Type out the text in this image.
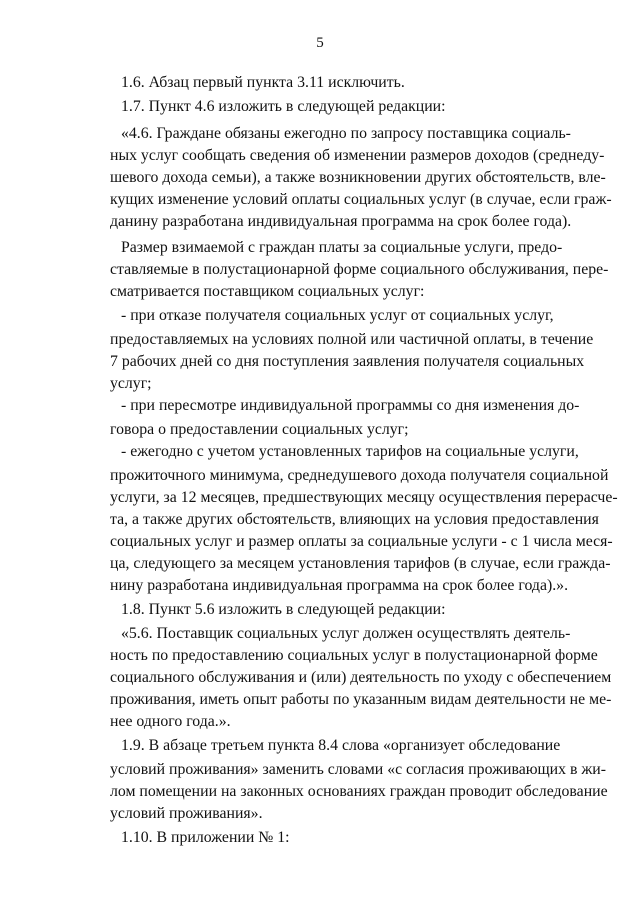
5
1.6. Абзац первый пункта 3.11 исключить.
1.7. Пункт 4.6 изложить в следующей редакции:
«4.6. Граждане обязаны ежегодно по запросу поставщика социаль-
ных услуг сообщать сведения об изменении размеров доходов (среднеду-
шевого дохода семьи), а также возникновении других обстоятельств, вле-
кущих изменение условий оплаты социальных услуг (в случае, если граж-
данину разработана индивидуальная программа на срок более года).
Размер взимаемой с граждан платы за социальные услуги, предо-
ставляемые в полустационарной форме социального обслуживания, пере-
сматривается поставщиком социальных услуг:
- при отказе получателя социальных услуг от социальных услуг,
предоставляемых на условиях полной или частичной оплаты, в течение
7 рабочих дней со дня поступления заявления получателя социальных
услуг;
- при пересмотре индивидуальной программы со дня изменения до-
говора о предоставлении социальных услуг;
- ежегодно с учетом установленных тарифов на социальные услуги,
прожиточного минимума, среднедушевого дохода получателя социальной
услуги, за 12 месяцев, предшествующих месяцу осуществления перерасче-
та, а также других обстоятельств, влияющих на условия предоставления
социальных услуг и размер оплаты за социальные услуги - с 1 числа меся-
ца, следующего за месяцем установления тарифов (в случае, если гражда-
нину разработана индивидуальная программа на срок более года).».
1.8. Пункт 5.6 изложить в следующей редакции:
«5.6. Поставщик социальных услуг должен осуществлять деятель-
ность по предоставлению социальных услуг в полустационарной форме
социального обслуживания и (или) деятельность по уходу с обеспечением
проживания, иметь опыт работы по указанным видам деятельности не ме-
нее одного года.».
1.9. В абзаце третьем пункта 8.4 слова «организует обследование
условий проживания» заменить словами «с согласия проживающих в жи-
лом помещении на законных основаниях граждан проводит обследование
условий проживания».
1.10. В приложении № 1:
